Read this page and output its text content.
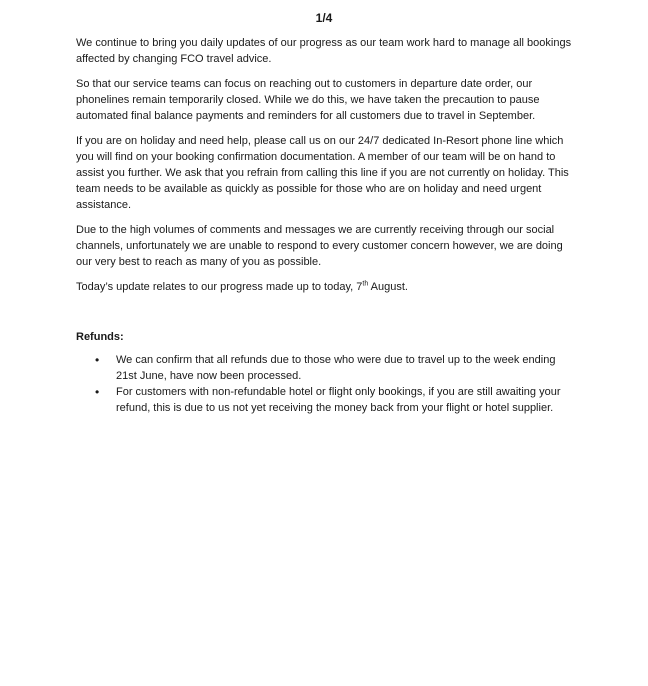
1/4

We continue to bring you daily updates of our progress as our team work hard to manage all bookings affected by changing FCO travel advice.

So that our service teams can focus on reaching out to customers in departure date order, our phonelines remain temporarily closed. While we do this, we have taken the precaution to pause automated final balance payments and reminders for all customers due to travel in September.

If you are on holiday and need help, please call us on our 24/7 dedicated In-Resort phone line which you will find on your booking confirmation documentation. A member of our team will be on hand to assist you further. We ask that you refrain from calling this line if you are not currently on holiday. This team needs to be available as quickly as possible for those who are on holiday and need urgent assistance.

Due to the high volumes of comments and messages we are currently receiving through our social channels, unfortunately we are unable to respond to every customer concern however, we are doing our very best to reach as many of you as possible.

Today’s update relates to our progress made up to today, 7th August.

Refunds:
• We can confirm that all refunds due to those who were due to travel up to the week ending 21st June, have now been processed.
• For customers with non-refundable hotel or flight only bookings, if you are still awaiting your refund, this is due to us not yet receiving the money back from your flight or hotel supplier.
